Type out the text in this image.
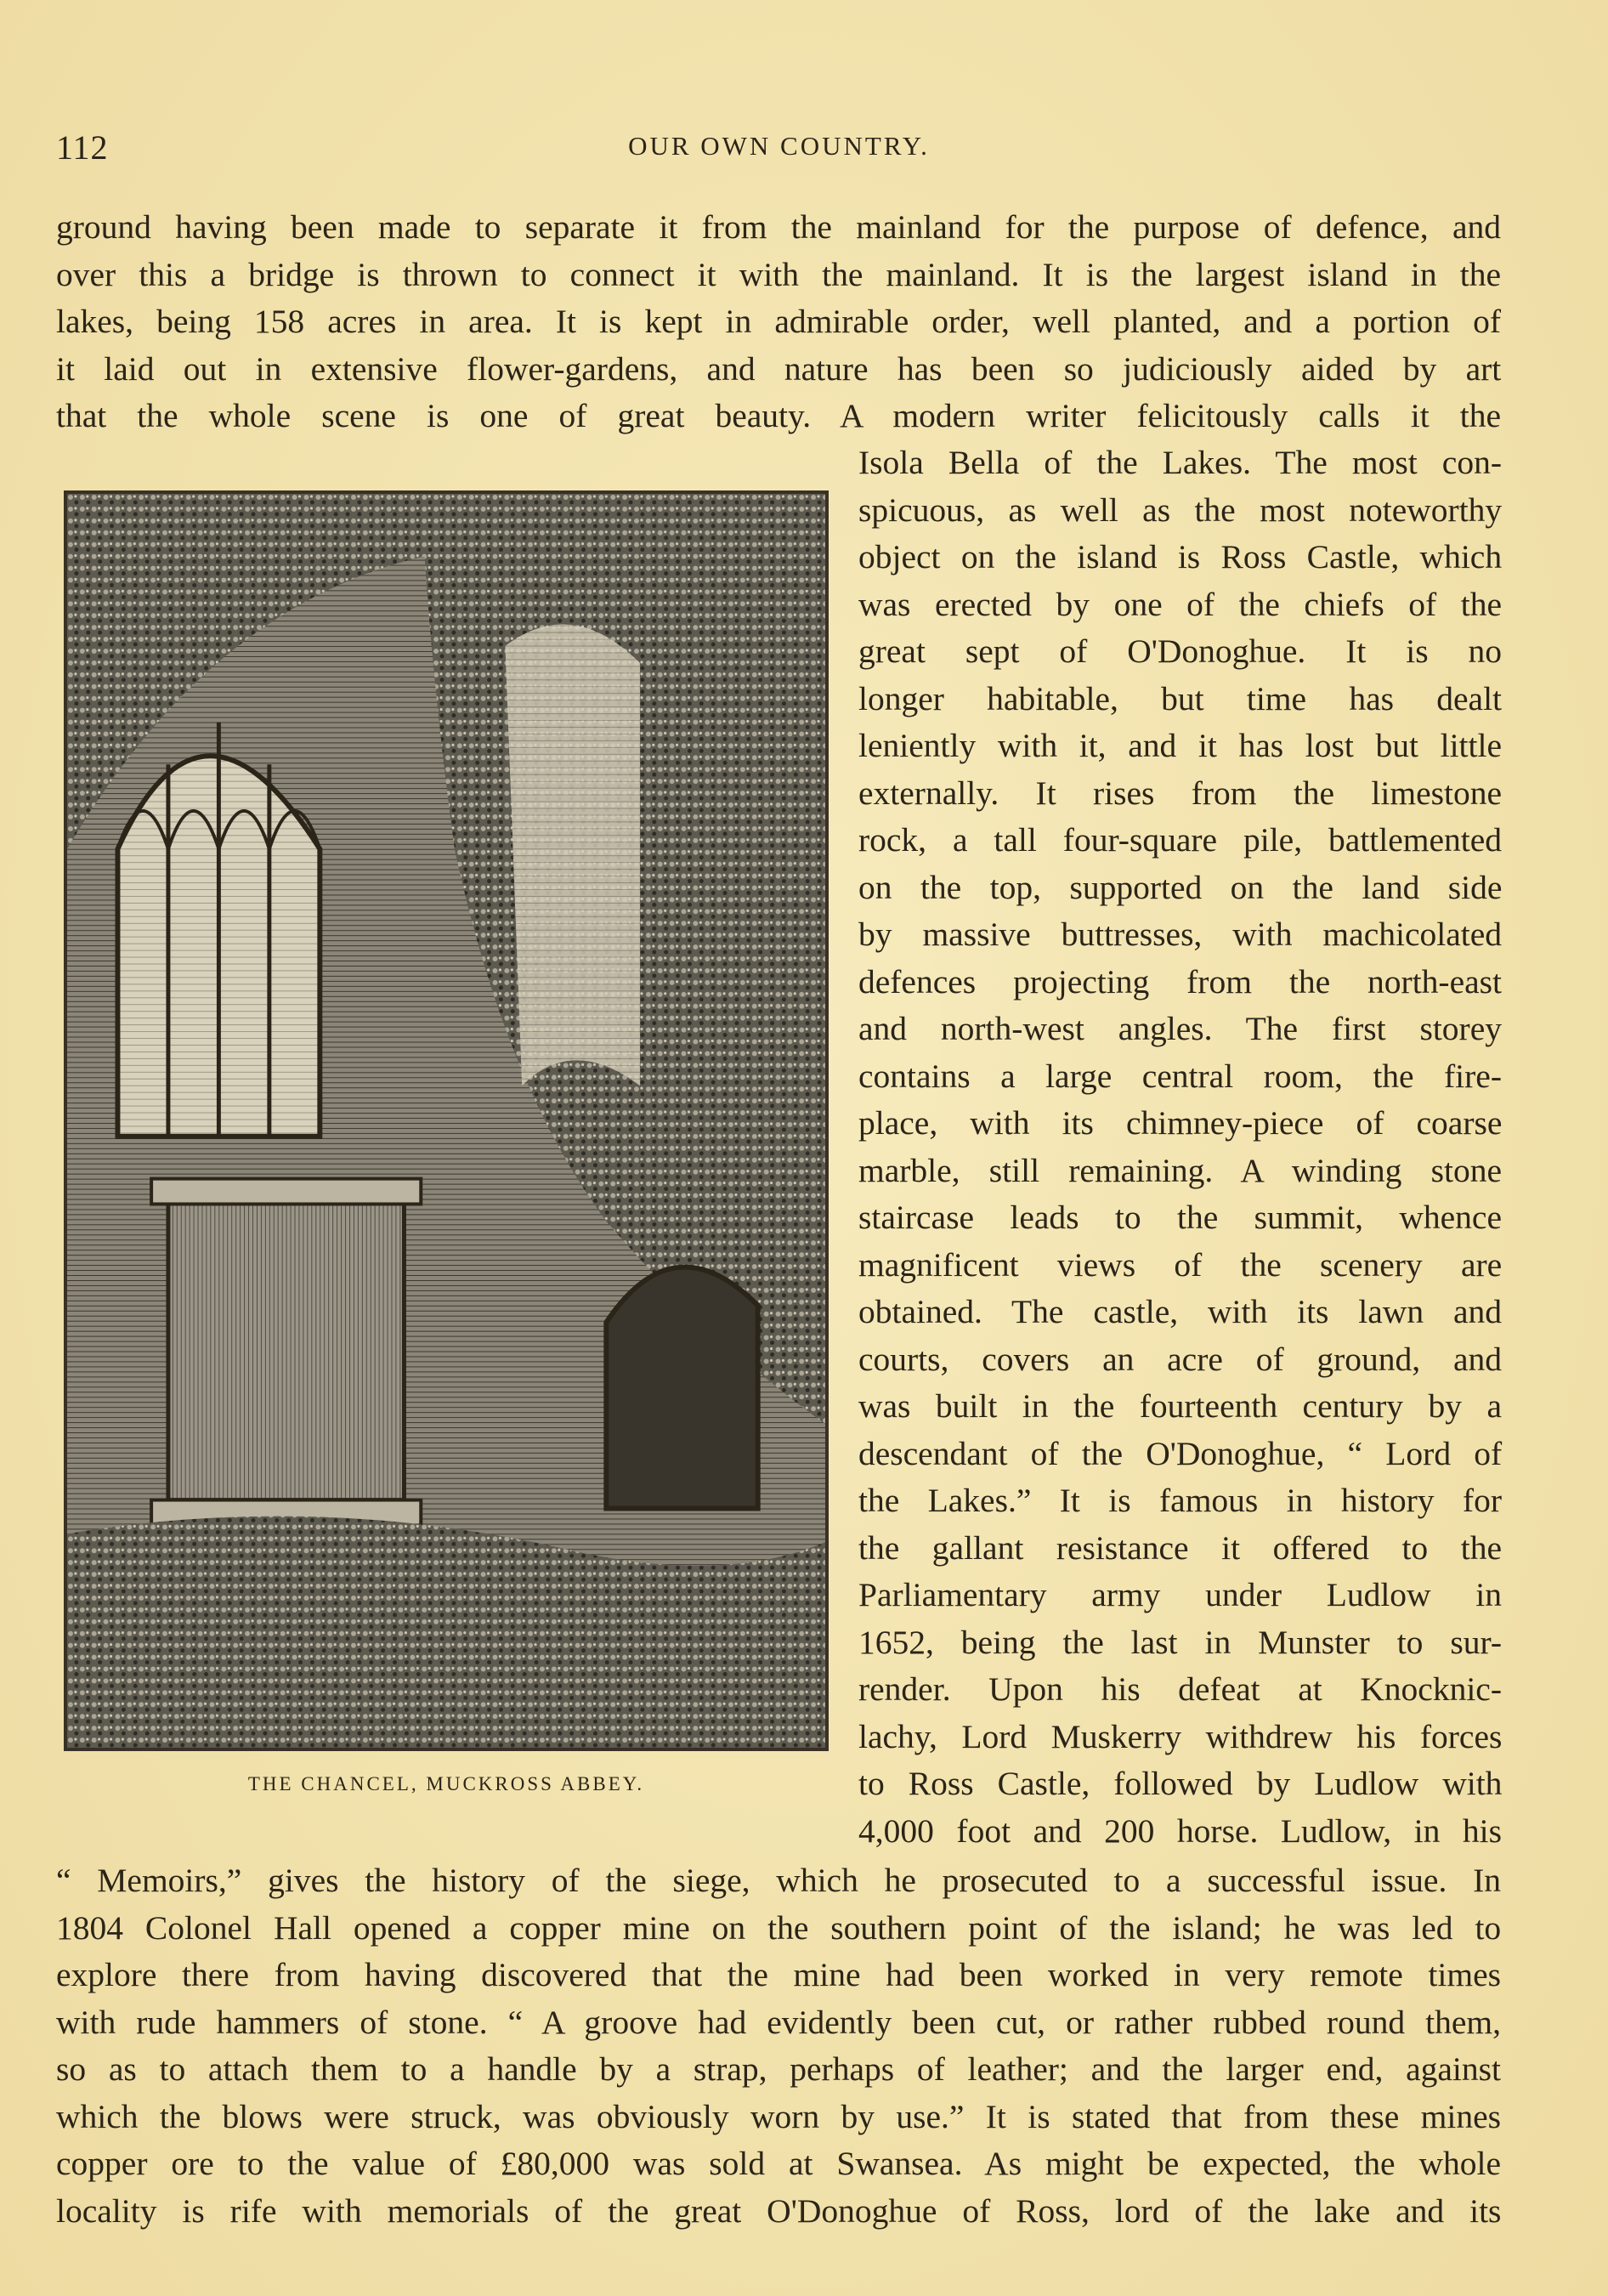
112	OUR OWN COUNTRY.
ground having been made to separate it from the mainland for the purpose of defence, and
over this a bridge is thrown to connect it with the mainland. It is the largest island in the
lakes, being 158 acres in area. It is kept in admirable order, well planted, and a portion of
it laid out in extensive flower-gardens, and nature has been so judiciously aided by art
that the whole scene is one of great beauty. A modern writer felicitously calls it the
THE CHANCEL, MUCKROSS ABBEY.
Isola Bella of the Lakes. The most con-
spicuous, as well as the most noteworthy
object on the island is Ross Castle, which
was erected by one of the chiefs of the
great sept of O'Donoghue. It is no
longer habitable, but time has dealt
leniently with it, and it has lost but little
externally. It rises from the limestone
rock, a tall four-square pile, battlemented
on the top, supported on the land side
by massive buttresses, with machicolated
defences projecting from the north-east
and north-west angles. The first storey
contains a large central room, the fire-
place, with its chimney-piece of coarse
marble, still remaining. A winding stone
staircase leads to the summit, whence
magnificent views of the scenery are
obtained. The castle, with its lawn and
courts, covers an acre of ground, and
was built in the fourteenth century by a
descendant of the O'Donoghue, “ Lord of
the Lakes.” It is famous in history for
the gallant resistance it offered to the
Parliamentary army under Ludlow in
1652, being the last in Munster to sur-
render. Upon his defeat at Knocknic-
lachy, Lord Muskerry withdrew his forces
to Ross Castle, followed by Ludlow with
4,000 foot and 200 horse. Ludlow, in his
“ Memoirs,” gives the history of the siege, which he prosecuted to a successful issue. In
1804 Colonel Hall opened a copper mine on the southern point of the island; he was led to
explore there from having discovered that the mine had been worked in very remote times
with rude hammers of stone. “ A groove had evidently been cut, or rather rubbed round them,
so as to attach them to a handle by a strap, perhaps of leather; and the larger end, against
which the blows were struck, was obviously worn by use.” It is stated that from these mines
copper ore to the value of £80,000 was sold at Swansea. As might be expected, the whole
locality is rife with memorials of the great O'Donoghue of Ross, lord of the lake and its
